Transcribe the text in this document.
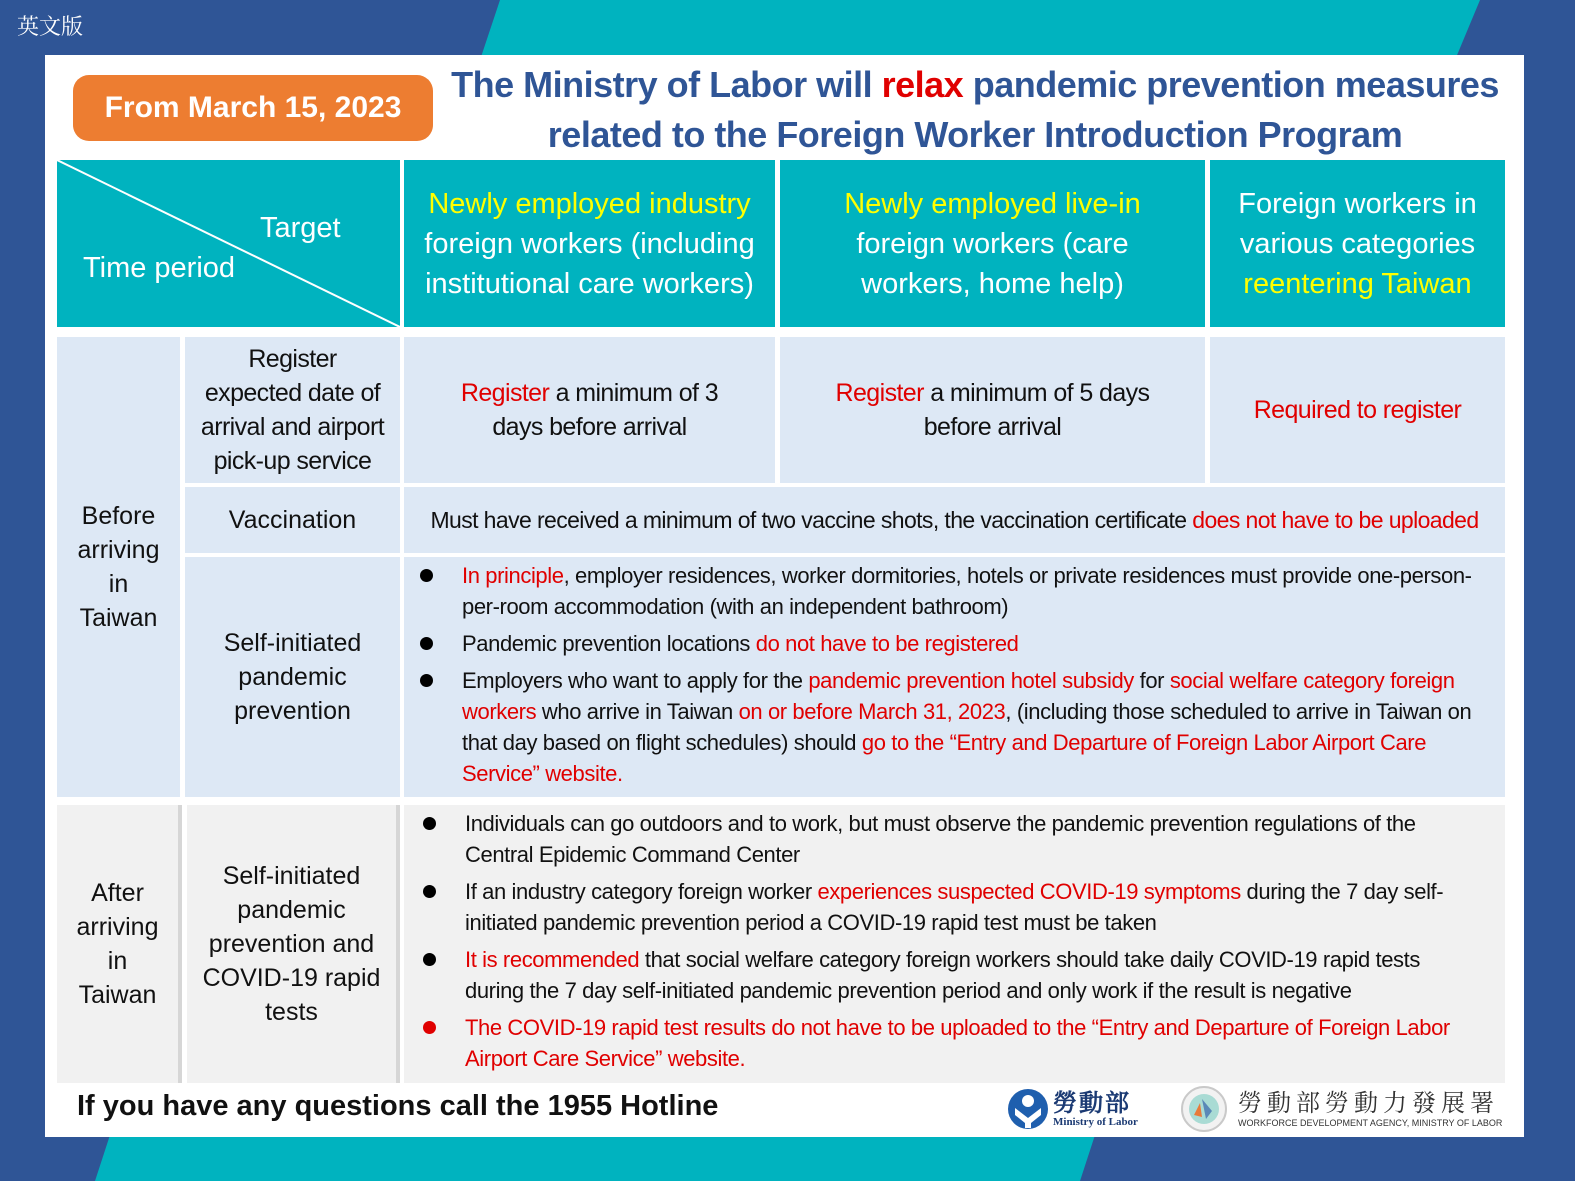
英文版
From March 15, 2023
The Ministry of Labor will relax pandemic prevention measures
related to the Foreign Worker Introduction Program
Target
Time period
Newly employed industry foreign workers (including institutional care workers)
Newly employed live-in foreign workers (care workers, home help)
Foreign workers in various categories reentering Taiwan
Before arriving in Taiwan
Register expected date of arrival and airport pick-up service
Register a minimum of 3 days before arrival
Register a minimum of 5 days before arrival
Required to register
Vaccination	Must have received a minimum of two vaccine shots, the vaccination certificate does not have to be uploaded
Self-initiated pandemic prevention
In principle, employer residences, worker dormitories, hotels or private residences must provide one-person-per-room accommodation (with an independent bathroom)
Pandemic prevention locations do not have to be registered
Employers who want to apply for the pandemic prevention hotel subsidy for social welfare category foreign workers who arrive in Taiwan on or before March 31, 2023, (including those scheduled to arrive in Taiwan on that day based on flight schedules) should go to the “Entry and Departure of Foreign Labor Airport Care Service” website.
After arriving in Taiwan
Self-initiated pandemic prevention and COVID-19 rapid tests
Individuals can go outdoors and to work, but must observe the pandemic prevention regulations of the Central Epidemic Command Center
If an industry category foreign worker experiences suspected COVID-19 symptoms during the 7 day self-initiated pandemic prevention period a COVID-19 rapid test must be taken
It is recommended that social welfare category foreign workers should take daily COVID-19 rapid tests during the 7 day self-initiated pandemic prevention period and only work if the result is negative
The COVID-19 rapid test results do not have to be uploaded to the “Entry and Departure of Foreign Labor Airport Care Service” website.
If you have any questions call the 1955 Hotline	勞動部
Ministry of Labor
勞動部勞動力發展署
WORKFORCE DEVELOPMENT AGENCY, MINISTRY OF LABOR
